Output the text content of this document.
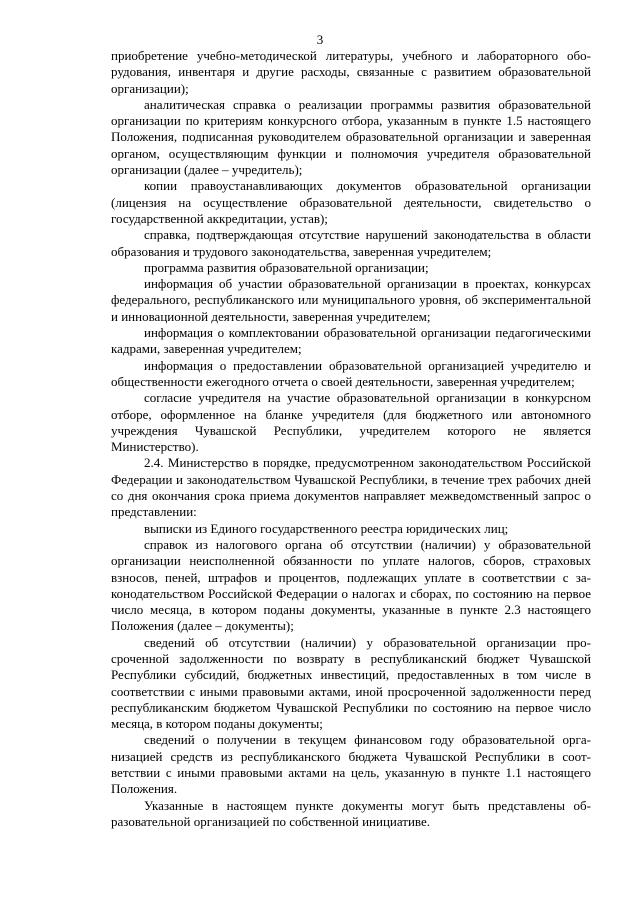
3

приобретение учебно-методической литературы, учебного и лабораторного оборудования, инвентаря и другие расходы, связанные с развитием образовательной организации);

аналитическая справка о реализации программы развития образовательной организации по критериям конкурсного отбора, указанным в пункте 1.5 настоящего Положения, подписанная руководителем образовательной организации и заверенная органом, осуществляющим функции и полномочия учредителя образовательной организации (далее – учредитель);

копии правоустанавливающих документов образовательной организации (лицензия на осуществление образовательной деятельности, свидетельство о государственной аккредитации, устав);

справка, подтверждающая отсутствие нарушений законодательства в области образования и трудового законодательства, заверенная учредителем;

программа развития образовательной организации;

информация об участии образовательной организации в проектах, конкурсах федерального, республиканского или муниципального уровня, об экспериментальной и инновационной деятельности, заверенная учредителем;

информация о комплектовании образовательной организации педагогическими кадрами, заверенная учредителем;

информация о предоставлении образовательной организацией учредителю и общественности ежегодного отчета о своей деятельности, заверенная учредителем;

согласие учредителя на участие образовательной организации в конкурсном отборе, оформленное на бланке учредителя (для бюджетного или автономного учреждения Чувашской Республики, учредителем которого не является Министерство).

2.4. Министерство в порядке, предусмотренном законодательством Российской Федерации и законодательством Чувашской Республики, в течение трех рабочих дней со дня окончания срока приема документов направляет межведомственный запрос о представлении:

выписки из Единого государственного реестра юридических лиц;

справок из налогового органа об отсутствии (наличии) у образовательной организации неисполненной обязанности по уплате налогов, сборов, страховых взносов, пеней, штрафов и процентов, подлежащих уплате в соответствии с законодательством Российской Федерации о налогах и сборах, по состоянию на первое число месяца, в котором поданы документы, указанные в пункте 2.3 настоящего Положения (далее – документы);

сведений об отсутствии (наличии) у образовательной организации просроченной задолженности по возврату в республиканский бюджет Чувашской Республики субсидий, бюджетных инвестиций, предоставленных в том числе в соответствии с иными правовыми актами, иной просроченной задолженности перед республиканским бюджетом Чувашской Республики по состоянию на первое число месяца, в котором поданы документы;

сведений о получении в текущем финансовом году образовательной организацией средств из республиканского бюджета Чувашской Республики в соответствии с иными правовыми актами на цель, указанную в пункте 1.1 настоящего Положения.

Указанные в настоящем пункте документы могут быть представлены образовательной организацией по собственной инициативе.
